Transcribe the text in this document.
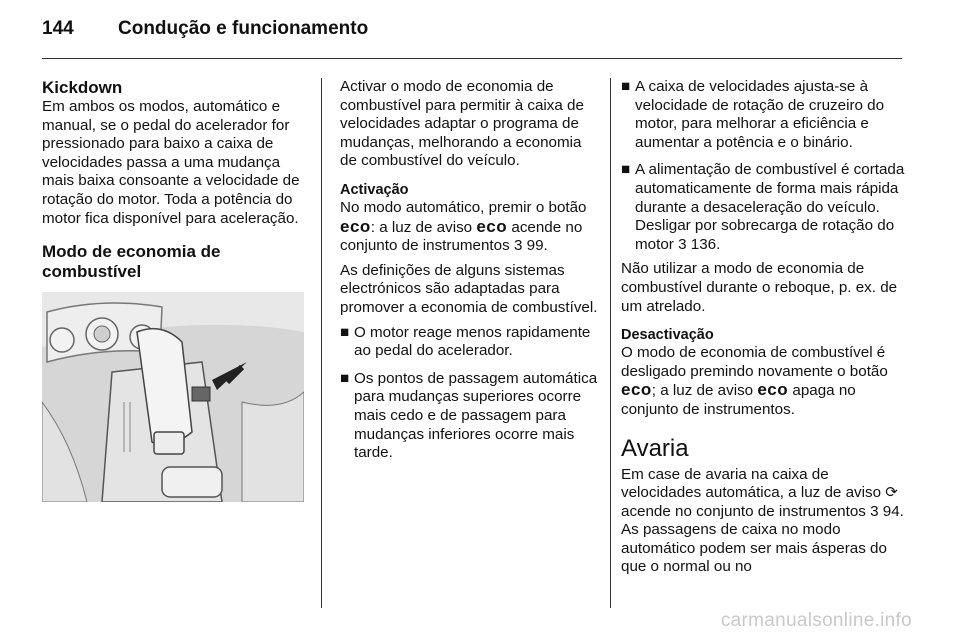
144 Condução e funcionamento
Kickdown

Em ambos os modos, automático e manual, se o pedal do acelerador for pressionado para baixo a caixa de velocidades passa a uma mudança mais baixa consoante a velocidade de rotação do motor. Toda a potência do motor fica disponível para aceleração.

Modo de economia de combustível

Activar o modo de economia de combustível para permitir à caixa de velocidades adaptar o programa de mudanças, melhorando a economia de combustível do veículo.

Activação

No modo automático, premir o botão eco: a luz de aviso eco acende no conjunto de instrumentos 3 99.

As definições de alguns sistemas electrónicos são adaptadas para promover a economia de combustível.

■ O motor reage menos rapidamente ao pedal do acelerador.
■ Os pontos de passagem automática para mudanças superiores ocorre mais cedo e de passagem para mudanças inferiores ocorre mais tarde.
■ A caixa de velocidades ajusta-se à velocidade de rotação de cruzeiro do motor, para melhorar a eficiência e aumentar a potência e o binário.
■ A alimentação de combustível é cortada automaticamente de forma mais rápida durante a desaceleração do veículo. Desligar por sobrecarga de rotação do motor 3 136.

Não utilizar a modo de economia de combustível durante o reboque, p. ex. de um atrelado.

Desactivação

O modo de economia de combustível é desligado premindo novamente o botão eco; a luz de aviso eco apaga no conjunto de instrumentos.

Avaria

Em case de avaria na caixa de velocidades automática, a luz de aviso ⟳ acende no conjunto de instrumentos 3 94. As passagens de caixa no modo automático podem ser mais ásperas do que o normal ou no

carmanualsonline.info
